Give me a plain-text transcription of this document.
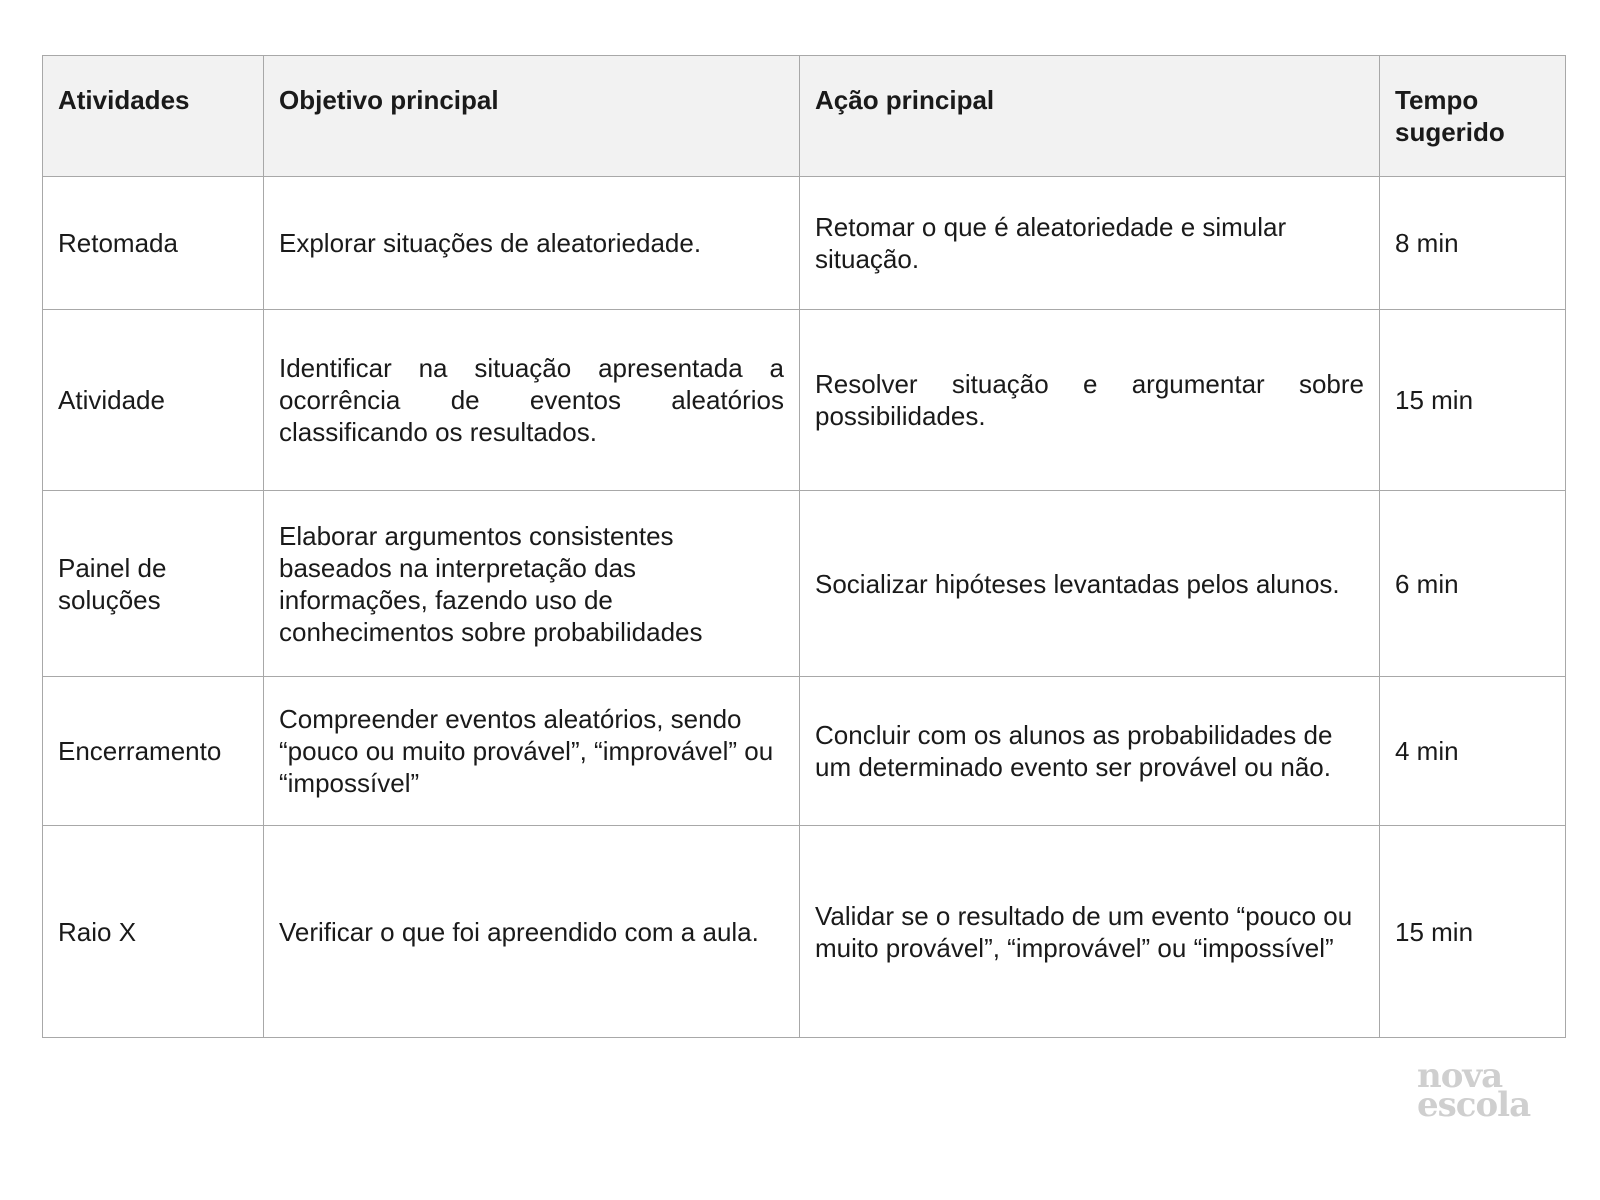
Atividades	Objetivo principal	Ação principal	Tempo sugerido
Retomada	Explorar situações de aleatoriedade.	Retomar o que é aleatoriedade e simular situação.	8 min
Atividade	Identificar na situação apresentada a ocorrência de eventos aleatórios classificando os resultados.	Resolver situação e argumentar sobre possibilidades.	15 min
Painel de soluções	Elaborar argumentos consistentes baseados na interpretação das informações, fazendo uso de conhecimentos sobre probabilidades	Socializar hipóteses levantadas pelos alunos.	6 min
Encerramento	Compreender eventos aleatórios, sendo “pouco ou muito provável”, “improvável” ou “impossível”	Concluir com os alunos as probabilidades de um determinado evento ser provável ou não.	4 min
Raio X	Verificar o que foi apreendido com a aula.	Validar se o resultado de um evento “pouco ou muito provável”, “improvável” ou “impossível”	15 min
nova
escola
